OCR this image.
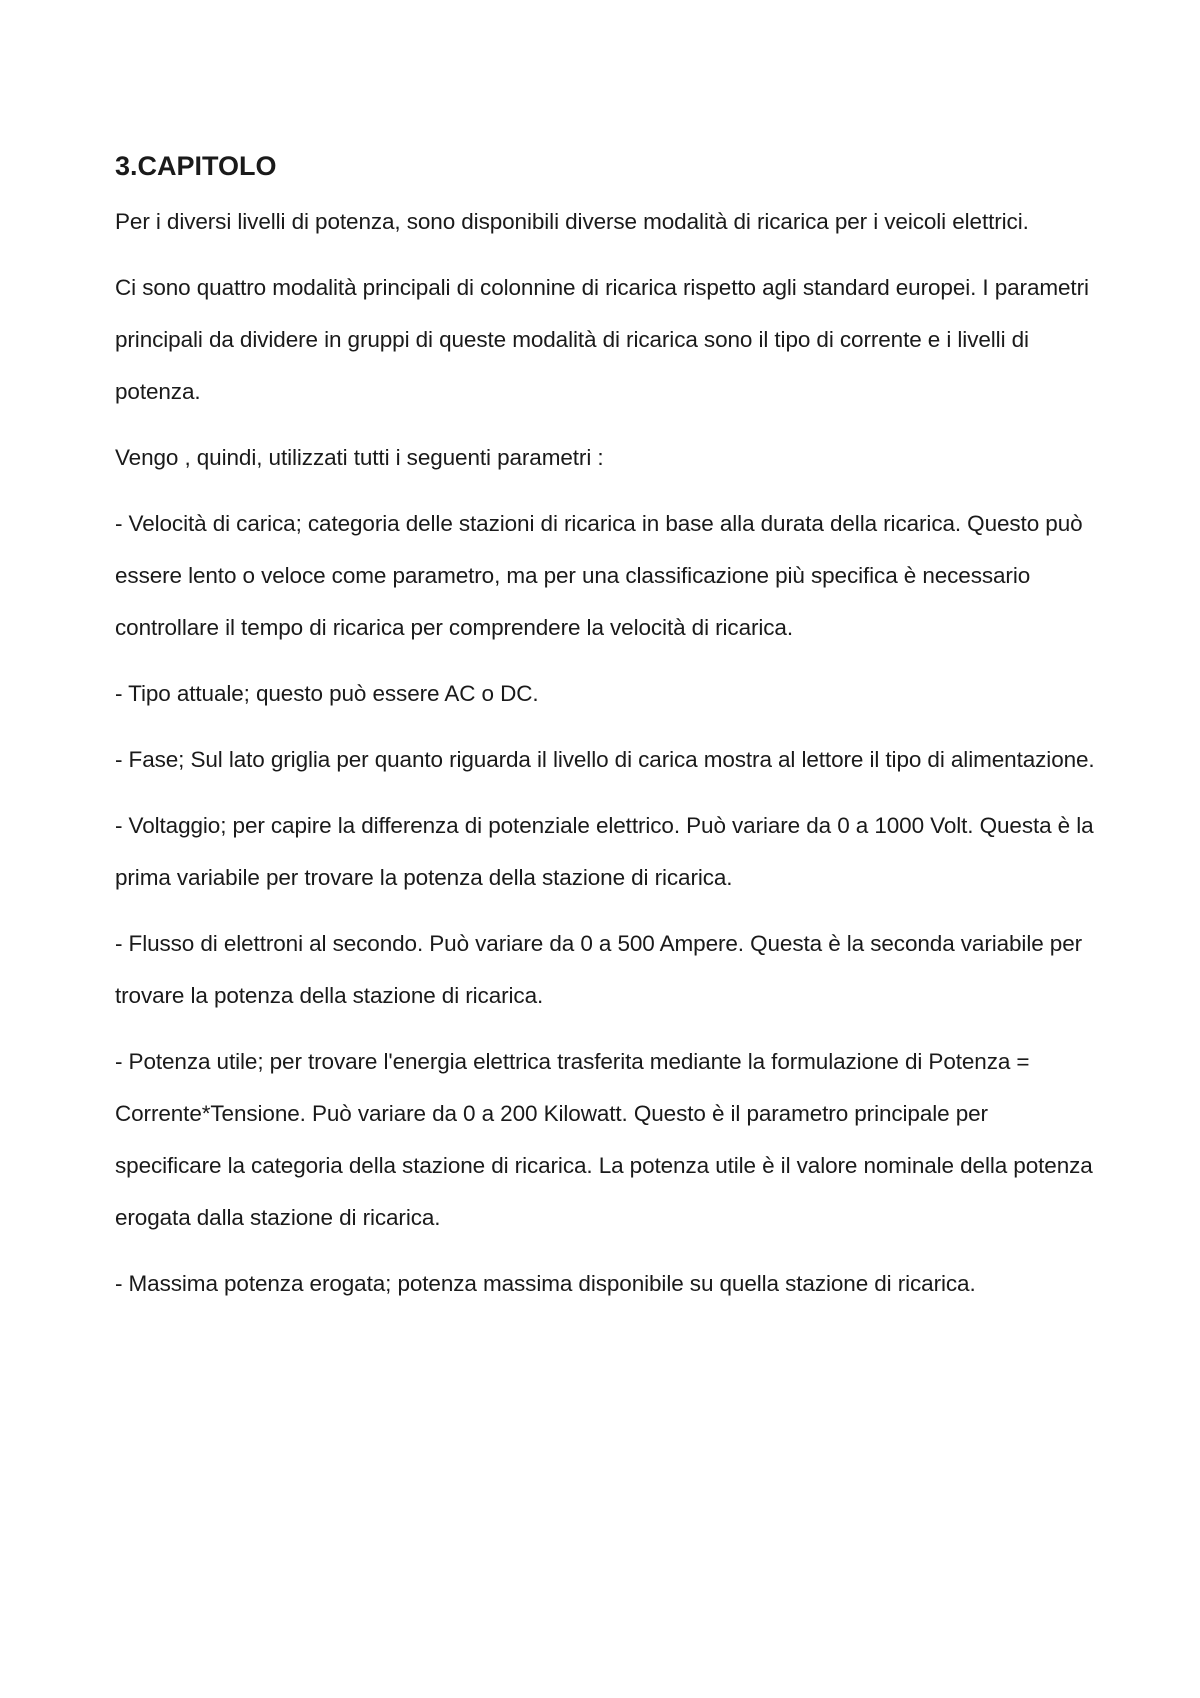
3.CAPITOLO

Per i diversi livelli di potenza, sono disponibili diverse modalità di ricarica per i veicoli elettrici.

Ci sono quattro modalità principali di colonnine di ricarica rispetto agli standard europei. I parametri principali da dividere in gruppi di queste modalità di ricarica sono il tipo di corrente e i livelli di potenza.

Vengo , quindi, utilizzati tutti i seguenti parametri :

- Velocità di carica; categoria delle stazioni di ricarica in base alla durata della ricarica. Questo può essere lento o veloce come parametro, ma per una classificazione più specifica è necessario controllare il tempo di ricarica per comprendere la velocità di ricarica.

- Tipo attuale; questo può essere AC o DC.

- Fase; Sul lato griglia per quanto riguarda il livello di carica mostra al lettore il tipo di alimentazione.

- Voltaggio; per capire la differenza di potenziale elettrico. Può variare da 0 a 1000 Volt. Questa è la prima variabile per trovare la potenza della stazione di ricarica.

- Flusso di elettroni al secondo. Può variare da 0 a 500 Ampere. Questa è la seconda variabile per trovare la potenza della stazione di ricarica.

- Potenza utile; per trovare l'energia elettrica trasferita mediante la formulazione di Potenza = Corrente*Tensione. Può variare da 0 a 200 Kilowatt. Questo è il parametro principale per specificare la categoria della stazione di ricarica. La potenza utile è il valore nominale della potenza erogata dalla stazione di ricarica.

- Massima potenza erogata; potenza massima disponibile su quella stazione di ricarica.
